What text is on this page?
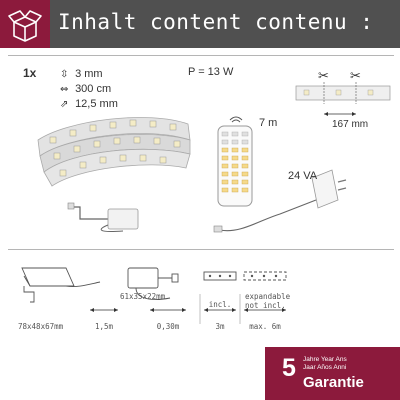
Inhalt content contenu :
1x ⇳ 3 mm
⇔ 300 cm
⇗ 12,5 mm
P = 13 W
7 m
✂ ✂
167 mm
24 VA
78x48x67mm	1,5m
61x35x22mm
0,30m
incl.
3m
expandable
not incl.
max. 6m
5 Jahre Year Ans
Jaar Años Anni
Garantie
